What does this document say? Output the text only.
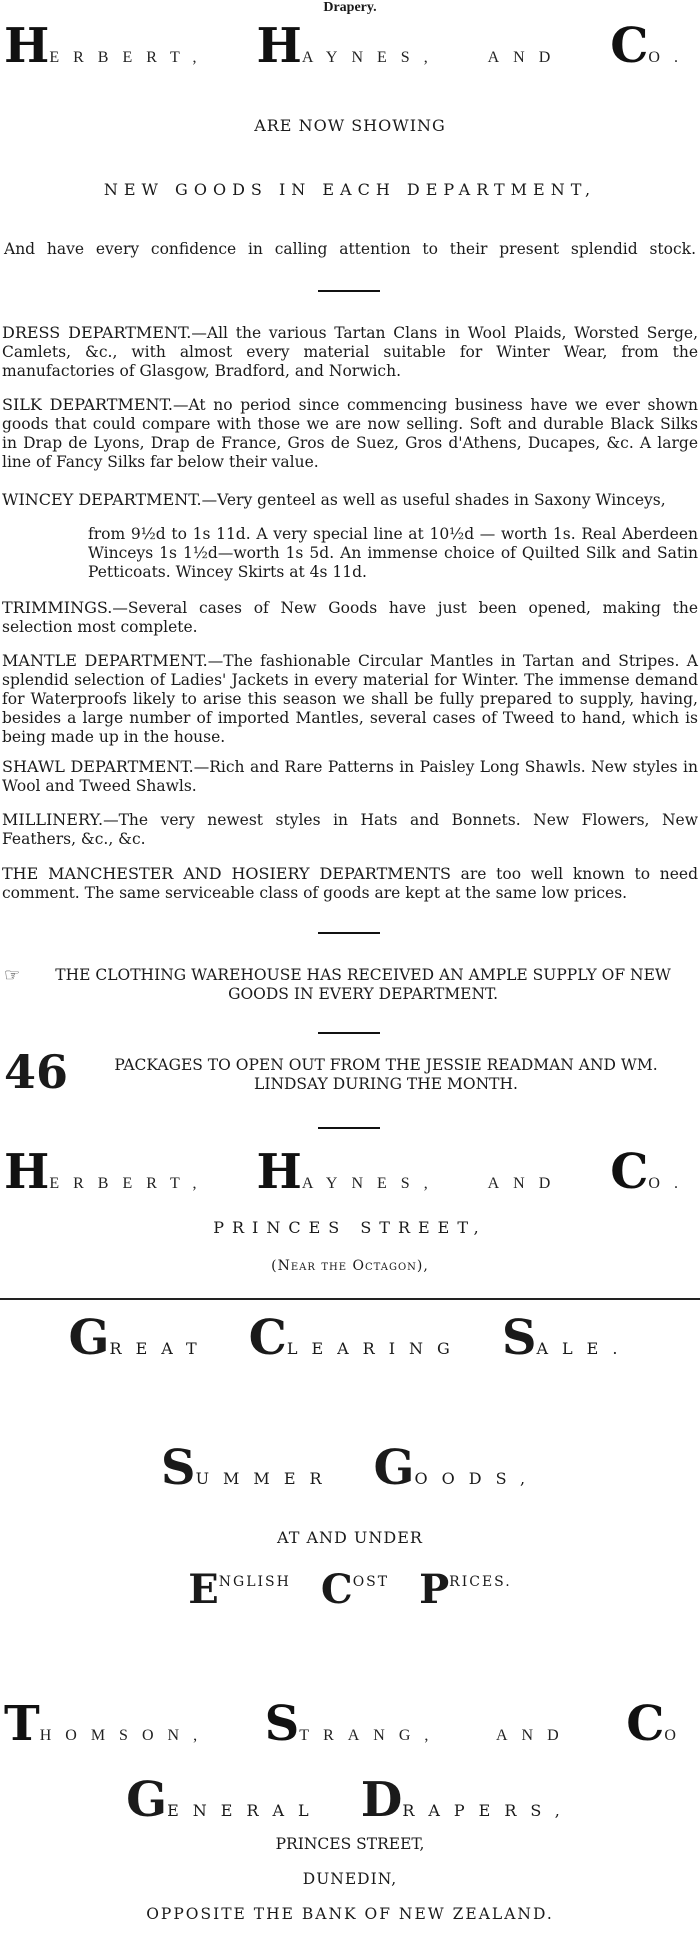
Drapery.
H ERBERT, H AYNES,	AND C O.
ARE NOW SHOWING
NEW GOODS IN EACH DEPARTMENT,
And have every confidence in calling attention to their present splendid stock.
DRESS DEPARTMENT.—All the various Tartan Clans in Wool Plaids, Worsted Serge, Camlets, &c., with almost every material suitable for Winter Wear, from the manufactories of Glasgow, Bradford, and Norwich.
SILK DEPARTMENT.—At no period since commencing business have we ever shown goods that could compare with those we are now selling. Soft and durable Black Silks in Drap de Lyons, Drap de France, Gros de Suez, Gros d'Athens, Ducapes, &c. A large line of Fancy Silks far below their value.
WINCEY DEPARTMENT.—Very genteel as well as useful shades in Saxony Winceys,
from 9½d to 1s 11d. A very special line at 10½d — worth 1s. Real Aberdeen Winceys 1s 1½d—worth 1s 5d. An immense choice of Quilted Silk and Satin Petticoats. Wincey Skirts at 4s 11d.
TRIMMINGS.—Several cases of New Goods have just been opened, making the selection most complete.
MANTLE DEPARTMENT.—The fashionable Circular Mantles in Tartan and Stripes. A splendid selection of Ladies' Jackets in every material for Winter. The immense demand for Waterproofs likely to arise this season we shall be fully prepared to supply, having, besides a large number of imported Mantles, several cases of Tweed to hand, which is being made up in the house.
SHAWL DEPARTMENT.—Rich and Rare Patterns in Paisley Long Shawls. New styles in Wool and Tweed Shawls.
MILLINERY.—The very newest styles in Hats and Bonnets. New Flowers, New Feathers, &c., &c.
THE MANCHESTER AND HOSIERY DEPARTMENTS are too well known to need comment. The same serviceable class of goods are kept at the same low prices.
☞	THE CLOTHING WAREHOUSE HAS RECEIVED AN AMPLE SUPPLY OF NEW GOODS IN EVERY DEPARTMENT.
46	PACKAGES TO OPEN OUT FROM THE JESSIE READMAN AND WM. LINDSAY DURING THE MONTH.
H ERBERT, H AYNES,	AND C O.
PRINCES STREET,
(Near the Octagon),
G REAT C LEARING S ALE.
S UMMER G OODS,
AT AND UNDER
E NGLISH C OST P RICES.
T HOMSON, S TRANG,	AND C O
G ENERAL D RAPERS,
PRINCES STREET,
DUNEDIN,
OPPOSITE THE BANK OF NEW ZEALAND.
